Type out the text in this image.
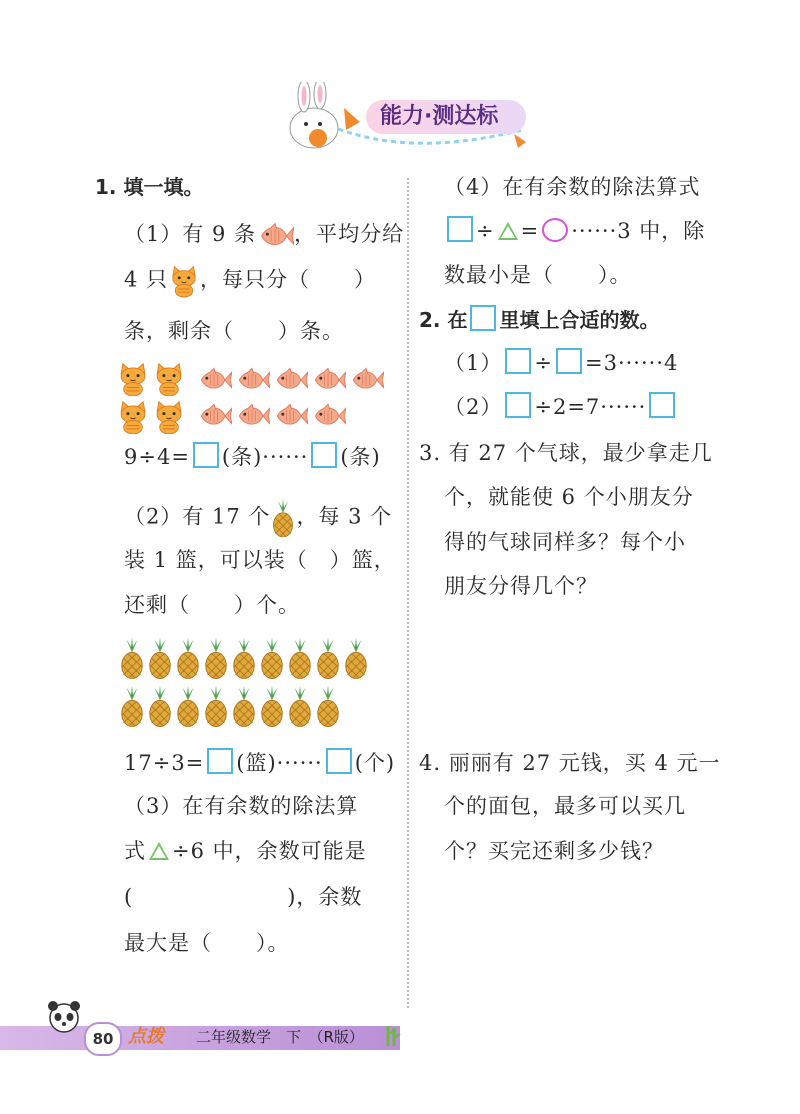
能力·测达标
1. 填一填。
（1）有 9 条 ，平均分给
4 只 ，每只分（　　）
条，剩余（　　）条。
9÷4= (条)······ (条)
（2）有 17 个 ，每 3 个
装 1 篮，可以装（　）篮，
还剩（　　）个。
17÷3= (篮)······ (个)
（3）在有余数的除法算
式 ÷6 中，余数可能是
(　　　　　　　)，余数
最大是（　　）。
（4）在有余数的除法算式
÷ = ······3 中，除
数最小是（　　）。
2. 在 里填上合适的数。
（1） ÷ =3······4
（2） ÷2=7······
3. 有 27 个气球，最少拿走几
个，就能使 6 个小朋友分
得的气球同样多？每个小
朋友分得几个？
4. 丽丽有 27 元钱，买 4 元一
个的面包，最多可以买几
个？买完还剩多少钱？
80 点拨 二年级数学　下　（R版）
